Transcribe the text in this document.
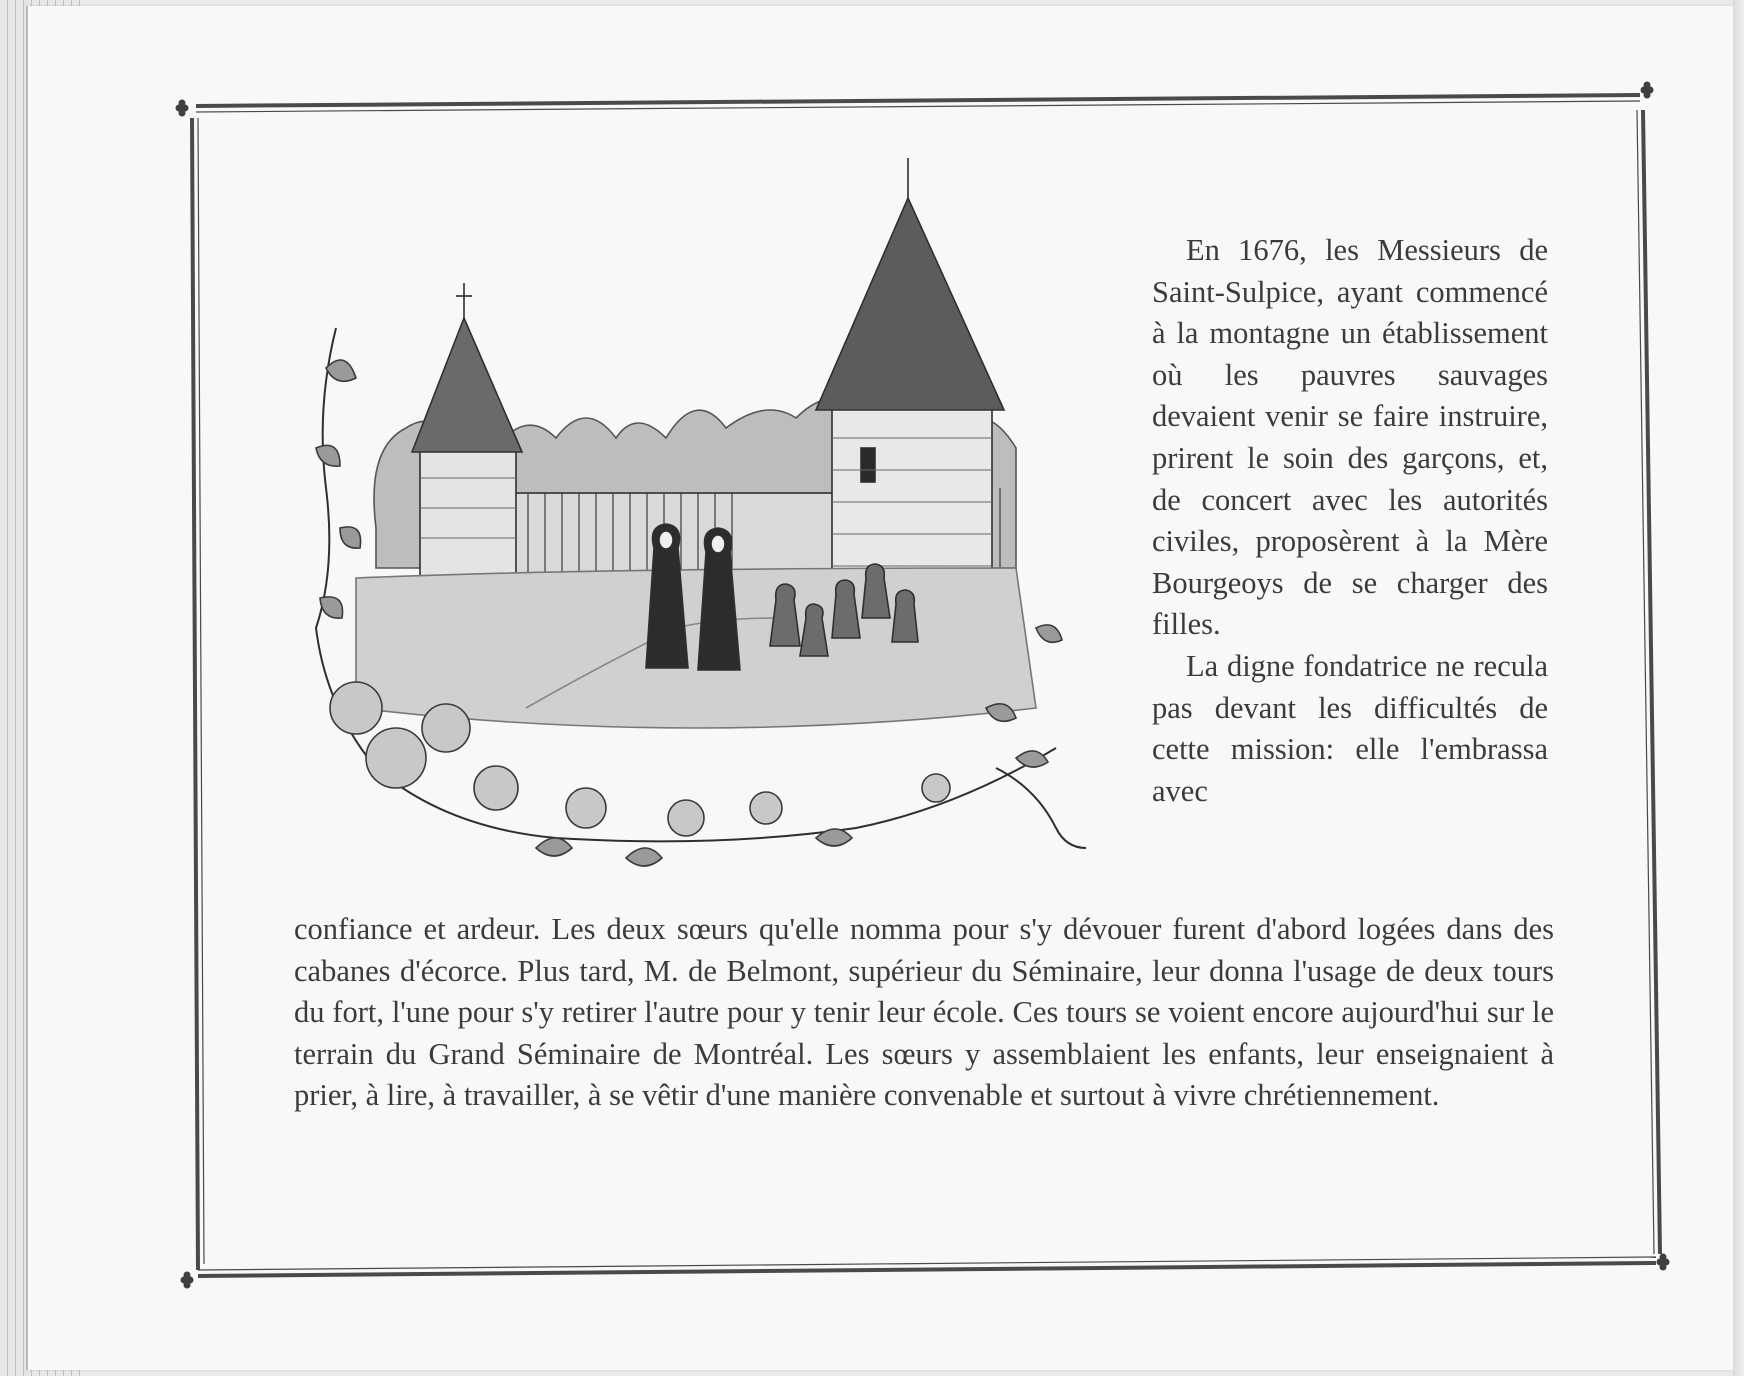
En 1676, les Messieurs de Saint-Sulpice, ayant commencé à la montagne un établissement où les pauvres sauvages devaient venir se faire instruire, prirent le soin des garçons, et, de concert avec les autorités civiles, proposèrent à la Mère Bourgeoys de se charger des filles.

La digne fondatrice ne recula pas devant les difficultés de cette mission: elle l'embrassa avec

confiance et ardeur. Les deux sœurs qu'elle nomma pour s'y dévouer furent d'abord logées dans des cabanes d'écorce. Plus tard, M. de Belmont, supérieur du Séminaire, leur donna l'usage de deux tours du fort, l'une pour s'y retirer l'autre pour y tenir leur école. Ces tours se voient encore aujourd'hui sur le terrain du Grand Séminaire de Montréal. Les sœurs y assemblaient les enfants, leur enseignaient à prier, à lire, à travailler, à se vêtir d'une manière convenable et surtout à vivre chrétiennement.
